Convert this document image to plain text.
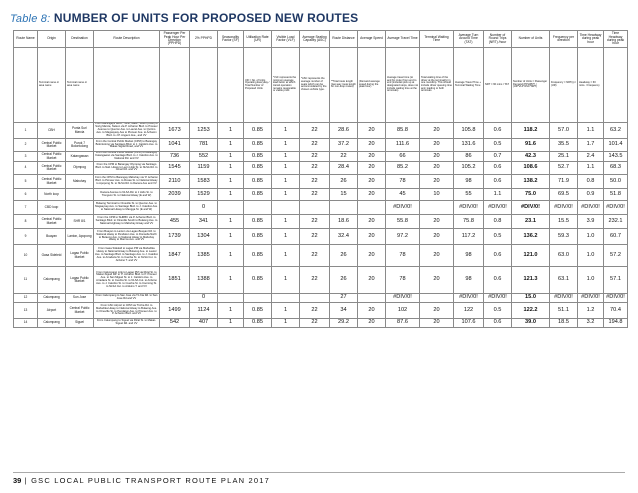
Table 8: NUMBER OF UNITS FOR PROPOSED NEW ROUTES
Route Name	Origin	Destination	Route Description	Passenger Per Peak Hour Per Direction (PPHPD)	2% PPHPD	Seasonality Factor (SF)	Utilization Rate (UR)	Visible Load Factor (VLF)	Average Seating Capacity (ASC)	Route Distance	Average Speed	Average Travel Time	Terminal Waiting Time	Average Turn Around Time (TAT)	Number of Round Trips (NRT) /hour	Number of Units	Frequency per direction	Time Headway during peak hour	Time Headway during peak hour
	Terminal name or area name	Terminal name or area name					UR = No. of Units Operating Everyday / Total Number of Proposed Units	*VLF represents the minimum average load factor at which transit operation remains reasonable or viable profit	*ASC represents the average number of seats which can be accommodated by the chosen vehicle type.	**Total route length (two-way route length for non-loop routes)	(Demand average speed during the peak hour)	Average travel time (to and fro route) from end to end (includes pick up at designated stops, does not include waiting time at the terminals)	Total waiting time of the driver at the terminal(s) in one roundtrip. This should include driver queuing time and, loading or both terminals	Average Travel Time + Terminal Waiting Time	NRT = 60 mins / TAT	Number of Units = Passenger Demand (PPHPD*) / (UR*VLF*ASC*NRT)	Frequency = NRT(s) / (UR)	Headway = 60 mins. / Frequency	
1	CBH	Punta Sur/ Marcia	From Barangays Bulhi, Tunsi, Wasi-, South (CBD) to Sorig Marcia, Nelson via P. Acharon Blvd. to Pioneer Avenue to Quezon Ave. to Laurel Ave. to Quirino Ave. to Magsaysay Ave to Pioneer Ave. to Acharon Blvd. to J.P. Angeco Ave., and VV	1673	1253	1	0.85	1	22	28.6	20	85.8	20	105.8	0.6	118.2	57.0	1.1	63.2
2	Central Public Market	Purok 7 Bolontolong	From the Central Public Market (CPM) to Barangay Bolontolong via Santiago Blvd. to J. Catolico Ave. to Makar-Siguel Road, and VV	1041	781	1	0.85	1	22	37.2	20	111.6	20	131.6	0.5	91.6	35.5	1.7	101.4
3	Central Public Market	Katangawan	From the Central Public Market (CPM) to Barangay Katangawan via Santiago Blvd. to J. Catolico Ave. to National Rd. and VV	736	552	1	0.85	1	22	22	20	66	20	86	0.7	42.3	25.1	2.4	143.5
4	Central Public Market	Olympog	From the CPM to Barangay Olympog via Santiago Blvd. to Natl. Hiway to Leon Llido St. to NLSA Rd. to Conel Rd. and VV	1545	1159	1	0.85	1	22	28.4	20	85.2	20	105.2	0.6	108.6	52.7	1.1	68.3
5	Central Public Market	Mabuhay	From the CPM to Barangay Mabuhay via 'P. Acharon Blvd. to Pioneer Ave. to Roxas St. to National Hiway to Apopong St. to NLSA Rd. to Dacera Ave and VV	2110	1583	1	0.85	1	22	26	20	78	20	98	0.6	138.2	71.9	0.8	50.0
6	North loop		Dacera Avenue to NLSA Rd. to J Llido St. to Tiongson St. to National Hiway (E and W)	2039	1529	1	0.85	1	22	15	20	45	10	55	1.1	75.0	69.5	0.9	51.8
7	CBD loop		Bulaong Terminal to Oineville St. to Quezon Ave. to Magsaysay Ave. to Santiago Blvd. to J. Catolico Ave. to National Hiway to Mangga St. (E and W)		0							#DIV/0!		#DIV/0!	#DIV/0!	#DIV/0!	#DIV/0!	#DIV/0!	#DIV/0!
8	Central Public Market	SHR 8/1	From the CPM to SHRBC via P. Acharon Blvd. to Santiago Blvd. to Oineville South to Bulaong Ave. to National Highway to Mabuhay Hiway and VV	455	341	1	0.85	1	22	18.6	20	55.8	20	75.8	0.8	23.1	15.5	3.9	232.1
9	Buayan	Lanton, Apopong	From Buayan to Lanton via Lagao-Buayan Rd. to National Hiway to Pendatun Ave. to Donsella North to Bulaong Ave. to National Hiway to Mabuhay Hiway to Marcos Ave. and VV	1739	1304	1	0.85	1	22	32.4	20	97.2	20	117.2	0.5	136.2	59.3	1.0	60.7
10	Gasa Sideleid	Lagao Public Market	From Gasa Sideleid to Lagao PM via Maharlika Hiway to National Hiway to Bulaong Ave. to Laurel Ave. to Santiago Blvd. to Santiago Ave. to J. Catolico Ave. to Arradaza St. to Cuerba St. to NLSA Cut. to Arduino T. and VV	1847	1385	1	0.85	1	22	26	20	78	20	98	0.6	121.0	63.0	1.0	57.2
11	Calumpang	Lagao Public Market	From Calumpang Link to Lagao PM via Rizal St. to Makar-Siguel Rd. to 'P. Acharon Blvd. to P. Pioneer Ave. to San Miguel St. to J. Catolico Ave. to Arradaza St. to Cuerba St. to NLSA Cut. to Arduino Ave. to J. Catolico St. to Cuerba St. to Cooming St. to NLSA Cut. to Arduino T. and VV	1851	1388	1	0.85	1	22	26	20	78	20	98	0.6	121.3	63.1	1.0	57.1
12	Calumpang	Sun Jose	From Calumpang to San Jose via Tri-Kia Rd. to San Jose Rd and VV		0					27		#DIV/0!		#DIV/0!	#DIV/0!	15.0	#DIV/0!	#DIV/0!	#DIV/0!
13	Airport	Central Public Market	From GSC Airport to CPM via Tri-Kia Rd. to Maharlika Hiway to National Hiway to Bulaong Ave. to Oineville St. to Pendatun Ave. to Pioneer Ave. to P. Acharon Blvd. and VV	1499	1124	1	0.85	1	22	34	20	102	20	122	0.5	122.2	51.1	1.2	70.4
14	Calumpang	Siguel	From Calumpang to Siguel via Rizal St. to Makar-Siguel Rd. and VV	542	407	1	0.85	1	22	29.2	20	87.6	20	107.6	0.6	39.0	18.5	3.2	194.8
39 | GSC LOCAL PUBLIC TRANSPORT ROUTE PLAN 2017
